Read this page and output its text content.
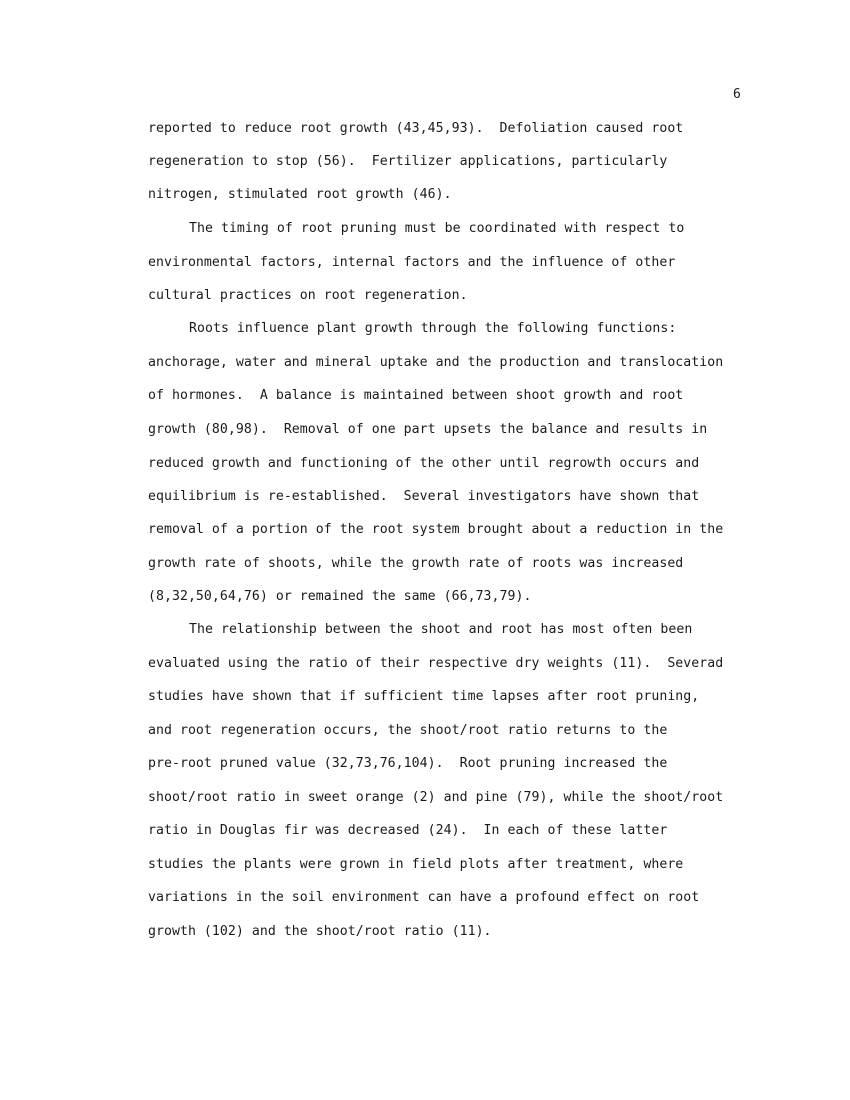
6
reported to reduce root growth (43,45,93).  Defoliation caused root
regeneration to stop (56).  Fertilizer applications, particularly
nitrogen, stimulated root growth (46).
The timing of root pruning must be coordinated with respect to
environmental factors, internal factors and the influence of other
cultural practices on root regeneration.
Roots influence plant growth through the following functions:
anchorage, water and mineral uptake and the production and translocation
of hormones.  A balance is maintained between shoot growth and root
growth (80,98).  Removal of one part upsets the balance and results in
reduced growth and functioning of the other until regrowth occurs and
equilibrium is re-established.  Several investigators have shown that
removal of a portion of the root system brought about a reduction in the
growth rate of shoots, while the growth rate of roots was increased
(8,32,50,64,76) or remained the same (66,73,79).
The relationship between the shoot and root has most often been
evaluated using the ratio of their respective dry weights (11).  Severad
studies have shown that if sufficient time lapses after root pruning,
and root regeneration occurs, the shoot/root ratio returns to the
pre-root pruned value (32,73,76,104).  Root pruning increased the
shoot/root ratio in sweet orange (2) and pine (79), while the shoot/root
ratio in Douglas fir was decreased (24).  In each of these latter
studies the plants were grown in field plots after treatment, where
variations in the soil environment can have a profound effect on root
growth (102) and the shoot/root ratio (11).
